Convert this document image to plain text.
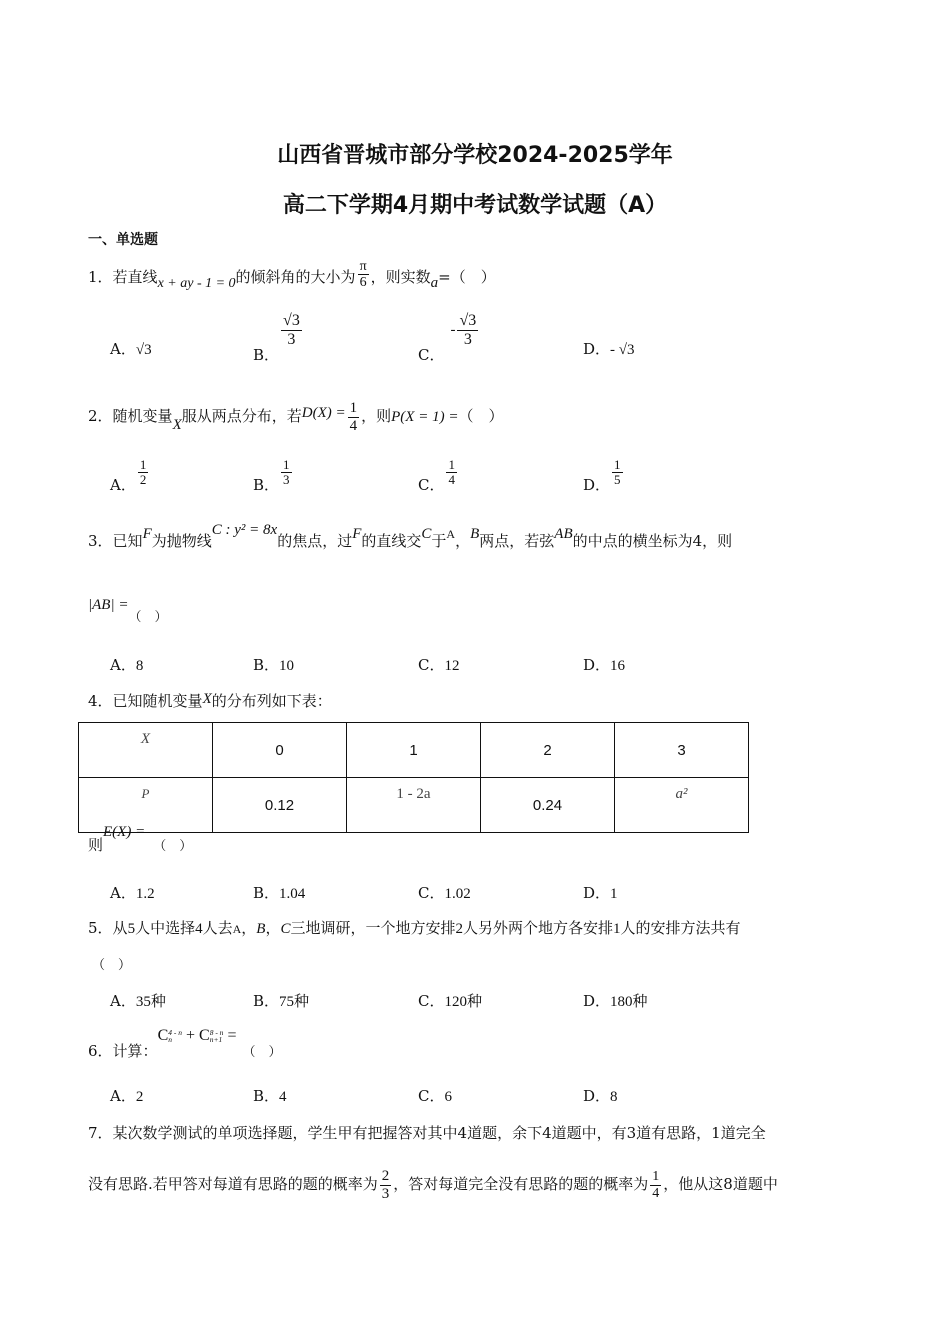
山西省晋城市部分学校2024-2025学年
高二下学期4月期中考试数学试题（A）
一、单选题
1．若直线x + ay - 1 = 0的倾斜角的大小为 $\frac{\pi}{6}$ ，则实数a=（　）
A．√3	B．
$\frac{√3}{3}$
C．- $\frac{√3}{3}$
D．- √3
2．随机变量X服从两点分布，若$D(X) = \frac{1}{4}$ ，则P(X = 1) =（　）
A． $\frac{1}{2}$	B． $\frac{1}{3}$	C． $\frac{1}{4}$	D． $\frac{1}{5}$
3．已知F为抛物线C : y² = 8x的焦点，过F的直线交C于$^A$，B两点，若弦AB的中点的横坐标为4，则
|AB| =（　）
A．8	B．10	C．12	D．16
4．已知随机变量X的分布列如下表：
X	0	1	2	3
P	0.12	1 - 2a	0.24	a²
则E(X) =（　）
A．1.2	B．1.04	C．1.02	D．1
5．从5人中选择4人去A，B，C三地调研，一个地方安排2人另外两个地方各安排1人的安排方法共有
（　）
A．35种	B．75种	C．120种	D．180种
6．计算：C 4 - n
n + C 8 - n
n+1 =（　）
A．2	B．4	C．6	D．8
7．某次数学测试的单项选择题，学生甲有把握答对其中4道题，余下4道题中，有3道有思路，1道完全
没有思路.若甲答对每道有思路的题的概率为 $\frac{2}{3}$ ，答对每道完全没有思路的题的概率为 $\frac{1}{4}$ ，他从这8道题中
